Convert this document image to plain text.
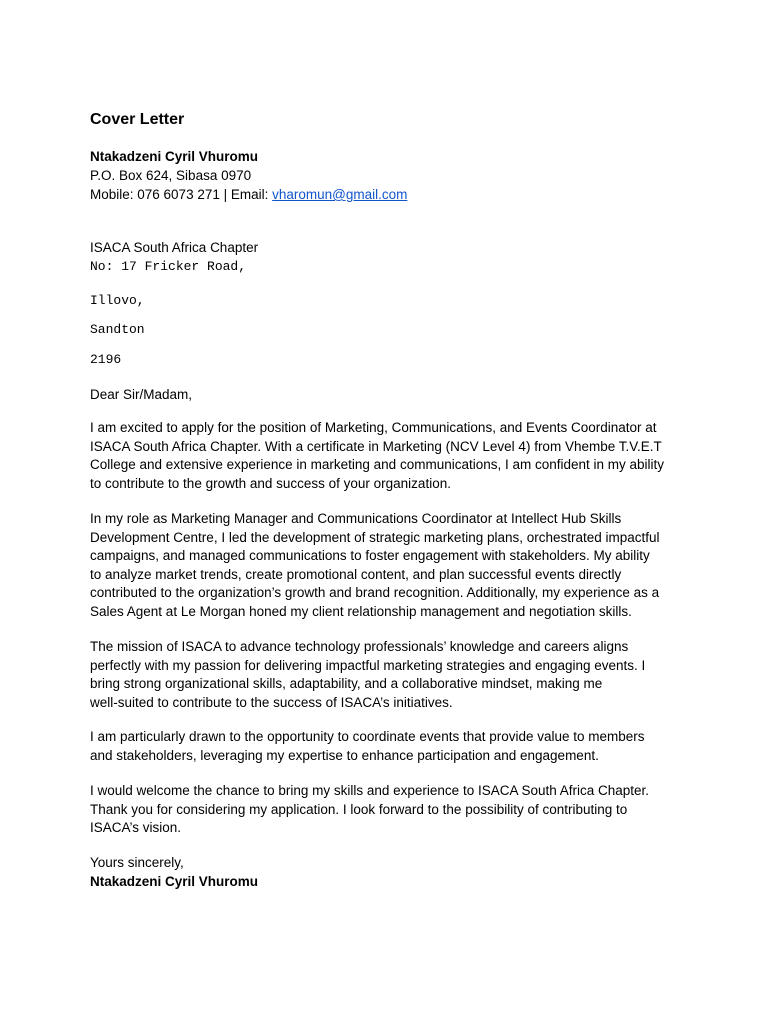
Cover Letter
Ntakadzeni Cyril Vhuromu
P.O. Box 624, Sibasa 0970
Mobile: 076 6073 271 | Email: vharomun@gmail.com
ISACA South Africa Chapter
No: 17 Fricker Road,
Illovo,
Sandton
2196
Dear Sir/Madam,
I am excited to apply for the position of Marketing, Communications, and Events Coordinator at
ISACA South Africa Chapter. With a certificate in Marketing (NCV Level 4) from Vhembe T.V.E.T
College and extensive experience in marketing and communications, I am confident in my ability
to contribute to the growth and success of your organization.
In my role as Marketing Manager and Communications Coordinator at Intellect Hub Skills
Development Centre, I led the development of strategic marketing plans, orchestrated impactful
campaigns, and managed communications to foster engagement with stakeholders. My ability
to analyze market trends, create promotional content, and plan successful events directly
contributed to the organization’s growth and brand recognition. Additionally, my experience as a
Sales Agent at Le Morgan honed my client relationship management and negotiation skills.
The mission of ISACA to advance technology professionals’ knowledge and careers aligns
perfectly with my passion for delivering impactful marketing strategies and engaging events. I
bring strong organizational skills, adaptability, and a collaborative mindset, making me
well-suited to contribute to the success of ISACA’s initiatives.
I am particularly drawn to the opportunity to coordinate events that provide value to members
and stakeholders, leveraging my expertise to enhance participation and engagement.
I would welcome the chance to bring my skills and experience to ISACA South Africa Chapter.
Thank you for considering my application. I look forward to the possibility of contributing to
ISACA’s vision.
Yours sincerely,
Ntakadzeni Cyril Vhuromu
